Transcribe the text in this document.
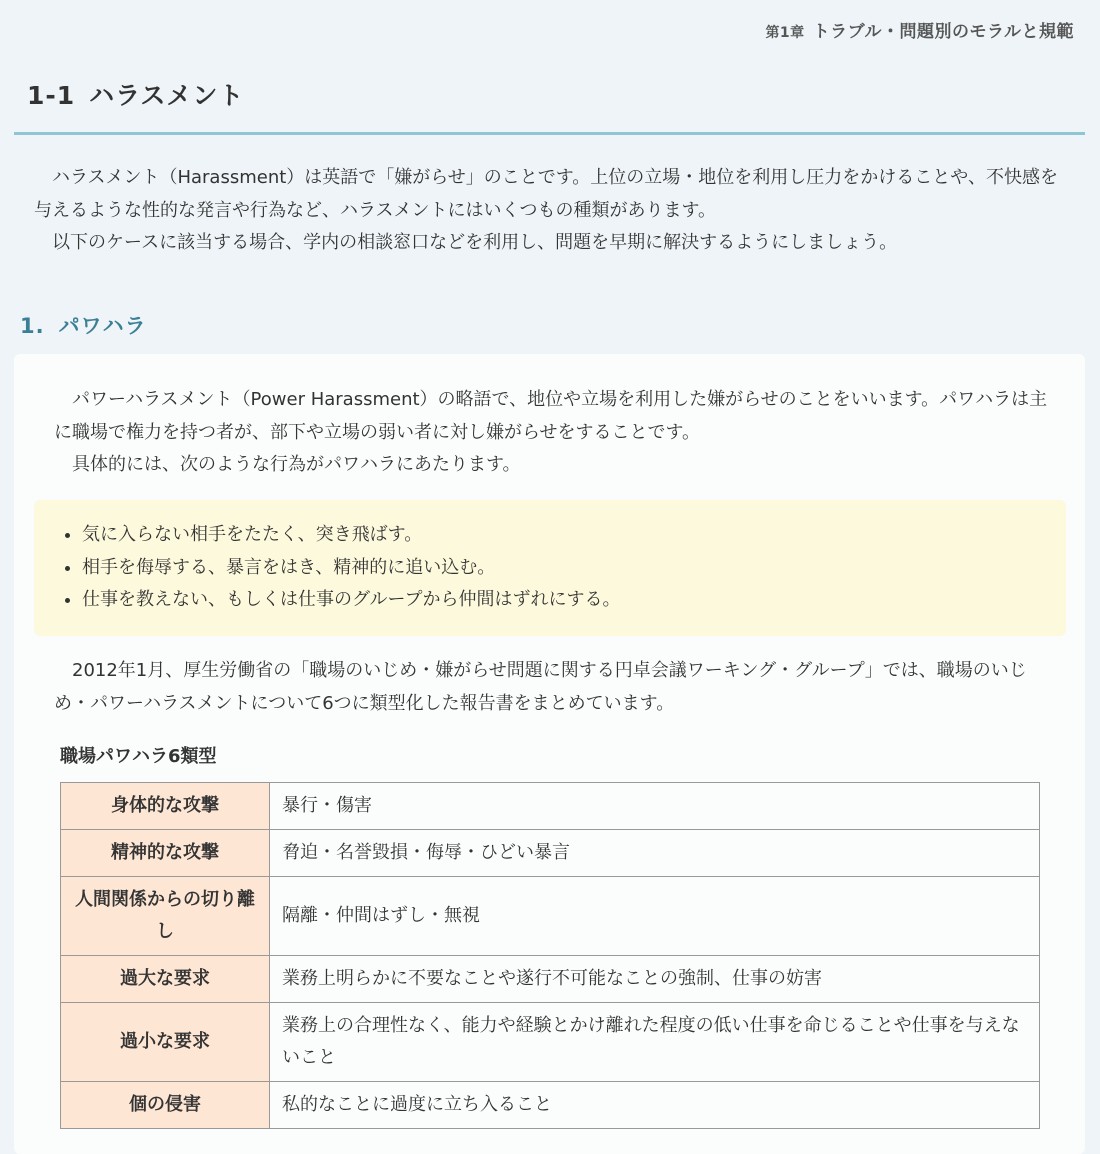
第1章 トラブル・問題別のモラルと規範
1-1 ハラスメント

ハラスメント（Harassment）は英語で「嫌がらせ」のことです。上位の立場・地位を利用し圧力をかけることや、不快感を与えるような性的な発言や行為など、ハラスメントにはいくつもの種類があります。

以下のケースに該当する場合、学内の相談窓口などを利用し、問題を早期に解決するようにしましょう。

1. パワハラ

パワーハラスメント（Power Harassment）の略語で、地位や立場を利用した嫌がらせのことをいいます。パワハラは主に職場で権力を持つ者が、部下や立場の弱い者に対し嫌がらせをすることです。

具体的には、次のような行為がパワハラにあたります。

• 気に入らない相手をたたく、突き飛ばす。
• 相手を侮辱する、暴言をはき、精神的に追い込む。
• 仕事を教えない、もしくは仕事のグループから仲間はずれにする。

2012年1月、厚生労働省の「職場のいじめ・嫌がらせ問題に関する円卓会議ワーキング・グループ」では、職場のいじめ・パワーハラスメントについて6つに類型化した報告書をまとめています。

職場パワハラ6類型
身体的な攻撃	暴行・傷害
精神的な攻撃	脅迫・名誉毀損・侮辱・ひどい暴言
人間関係からの切り離し	隔離・仲間はずし・無視
過大な要求	業務上明らかに不要なことや遂行不可能なことの強制、仕事の妨害
過小な要求	業務上の合理性なく、能力や経験とかけ離れた程度の低い仕事を命じることや仕事を与えないこと
個の侵害	私的なことに過度に立ち入ること
